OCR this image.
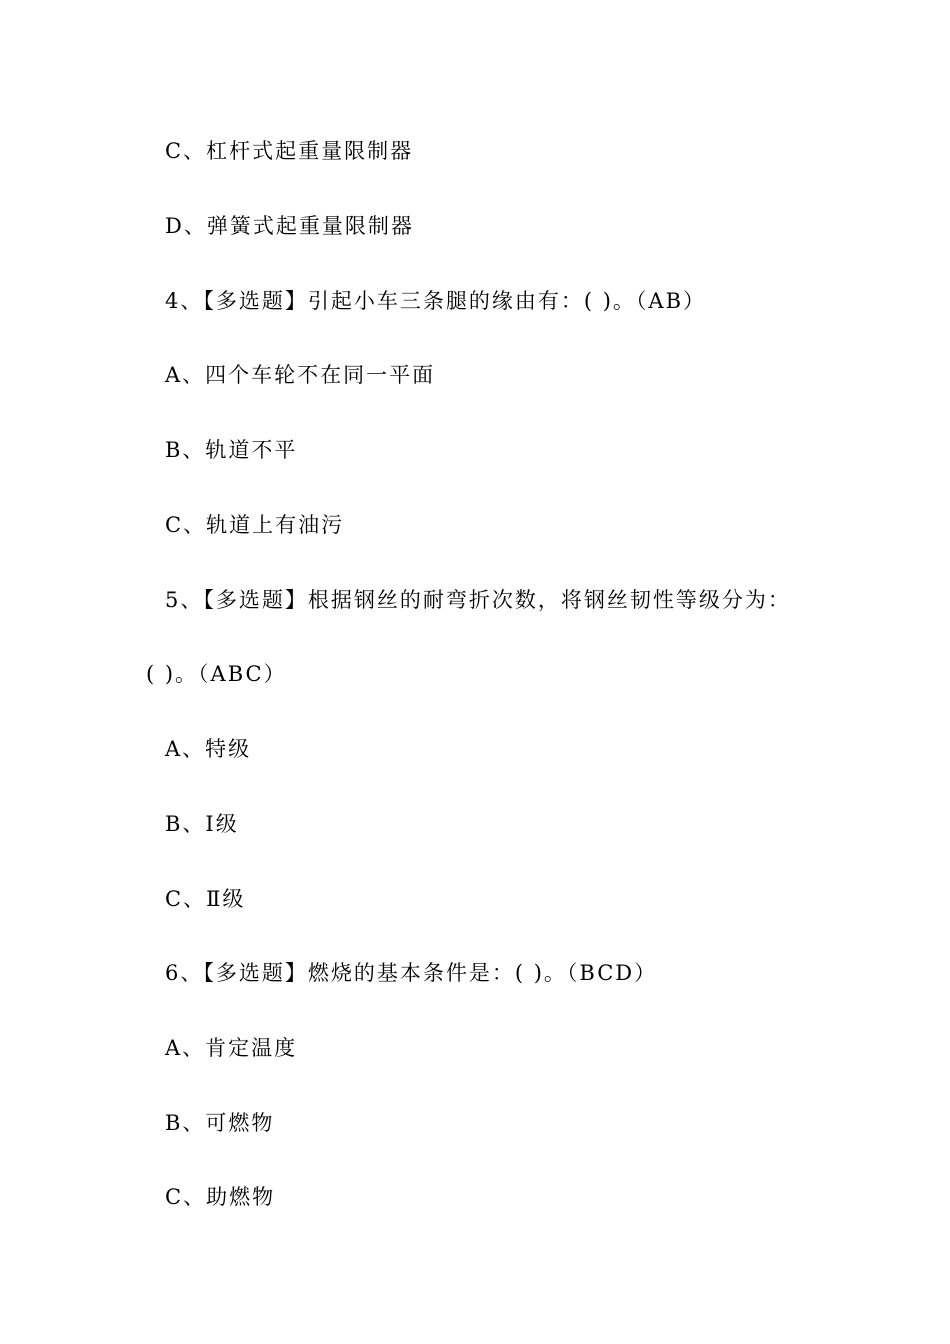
C、杠杆式起重量限制器
D、弹簧式起重量限制器
4、【多选题】引起小车三条腿的缘由有：( )。（AB）
A、四个车轮不在同一平面
B、轨道不平
C、轨道上有油污
5、【多选题】根据钢丝的耐弯折次数，将钢丝韧性等级分为：
( )。（ABC）
A、特级
B、Ⅰ级
C、Ⅱ级
6、【多选题】燃烧的基本条件是：( )。（BCD）
A、肯定温度
B、可燃物
C、助燃物
